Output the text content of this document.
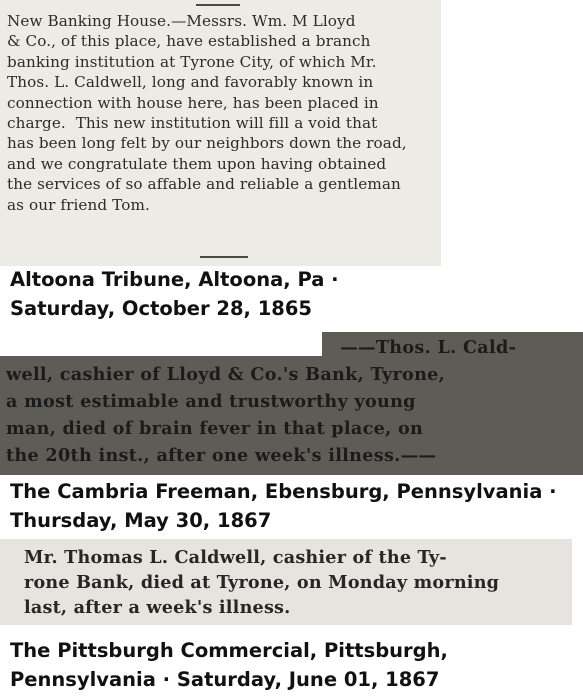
New Banking House.—Messrs. Wm. M Lloyd
& Co., of this place, have established a branch
banking institution at Tyrone City, of which Mr.
Thos. L. Caldwell, long and favorably known in
connection with house here, has been placed in
charge.  This new institution will fill a void that
has been long felt by our neighbors down the road,
and we congratulate them upon having obtained
the services of so affable and reliable a gentleman
as our friend Tom.

Altoona Tribune, Altoona, Pa ·
Saturday, October 28, 1865

——Thos. L. Cald-
well, cashier of Lloyd & Co.'s Bank, Tyrone,
a most estimable and trustworthy young
man, died of brain fever in that place, on
the 20th inst., after one week's illness.——

The Cambria Freeman, Ebensburg, Pennsylvania ·
Thursday, May 30, 1867

Mr. Thomas L. Caldwell, cashier of the Ty-
rone Bank, died at Tyrone, on Monday morning
last, after a week's illness.

The Pittsburgh Commercial, Pittsburgh,
Pennsylvania · Saturday, June 01, 1867
